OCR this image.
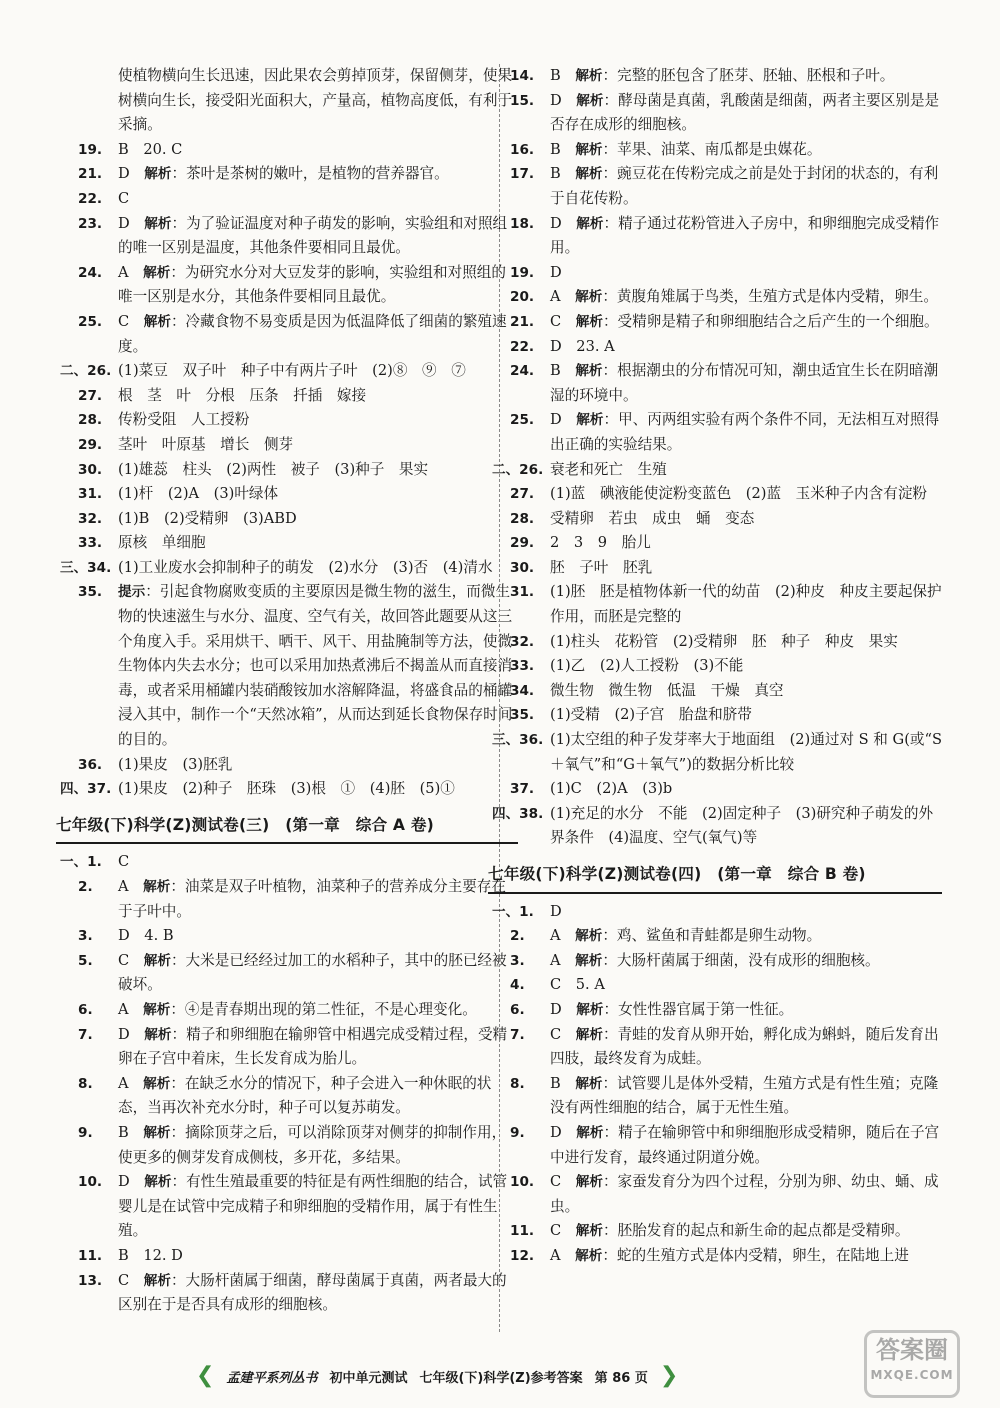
使植物横向生长迅速，因此果农会剪掉顶芽，保留侧芽，使果树横向生长，接受阳光面积大，产量高，植物高度低，有利于采摘。
19.	B　20. C
21.	D　解析：茶叶是茶树的嫩叶，是植物的营养器官。
22.	C
23.	D　解析：为了验证温度对种子萌发的影响，实验组和对照组的唯一区别是温度，其他条件要相同且最优。
24.	A　解析：为研究水分对大豆发芽的影响，实验组和对照组的唯一区别是水分，其他条件要相同且最优。
25.	C　解析：冷藏食物不易变质是因为低温降低了细菌的繁殖速度。
二、26. (1)菜豆　双子叶　种子中有两片子叶　(2)⑧　⑨　⑦
27.	根　茎　叶　分根　压条　扦插　嫁接
28.	传粉受阻　人工授粉
29.	茎叶　叶原基　增长　侧芽
30.	(1)雄蕊　柱头　(2)两性　被子　(3)种子　果实
31.	(1)杆　(2)A　(3)叶绿体
32.	(1)B　(2)受精卵　(3)ABD
33.	原核　单细胞
三、34. (1)工业废水会抑制种子的萌发　(2)水分　(3)否　(4)清水
35.	提示：引起食物腐败变质的主要原因是微生物的滋生，而微生物的快速滋生与水分、温度、空气有关，故回答此题要从这三个角度入手。采用烘干、晒干、风干、用盐腌制等方法，使微生物体内失去水分；也可以采用加热煮沸后不揭盖从而直接消毒，或者采用桶罐内装硝酸铵加水溶解降温，将盛食品的桶罐浸入其中，制作一个“天然冰箱”，从而达到延长食物保存时间的目的。
36.	(1)果皮　(3)胚乳
四、37. (1)果皮　(2)种子　胚珠　(3)根　①　(4)胚　(5)①
七年级(下)科学(Z)测试卷(三)　(第一章　综合 A 卷)
一、1.	C
2.	A　解析：油菜是双子叶植物，油菜种子的营养成分主要存在于子叶中。
3.	D　4. B
5.	C　解析：大米是已经经过加工的水稻种子，其中的胚已经被破坏。
6.	A　解析：④是青春期出现的第二性征，不是心理变化。
7.	D　解析：精子和卵细胞在输卵管中相遇完成受精过程，受精卵在子宫中着床，生长发育成为胎儿。
8.	A　解析：在缺乏水分的情况下，种子会进入一种休眠的状态，当再次补充水分时，种子可以复苏萌发。
9.	B　解析：摘除顶芽之后，可以消除顶芽对侧芽的抑制作用，使更多的侧芽发育成侧枝，多开花，多结果。
10.	D　解析：有性生殖最重要的特征是有两性细胞的结合，试管婴儿是在试管中完成精子和卵细胞的受精作用，属于有性生殖。
11.	B　12. D
13.	C　解析：大肠杆菌属于细菌，酵母菌属于真菌，两者最大的区别在于是否具有成形的细胞核。
14.	B　解析：完整的胚包含了胚芽、胚轴、胚根和子叶。
15.	D　解析：酵母菌是真菌，乳酸菌是细菌，两者主要区别是是否存在成形的细胞核。
16.	B　解析：苹果、油菜、南瓜都是虫媒花。
17.	B　解析：豌豆花在传粉完成之前是处于封闭的状态的，有利于自花传粉。
18.	D　解析：精子通过花粉管进入子房中，和卵细胞完成受精作用。
19.	D
20.	A　解析：黄腹角雉属于鸟类，生殖方式是体内受精，卵生。
21.	C　解析：受精卵是精子和卵细胞结合之后产生的一个细胞。
22.	D　23. A
24.	B　解析：根据潮虫的分布情况可知，潮虫适宜生长在阴暗潮湿的环境中。
25.	D　解析：甲、丙两组实验有两个条件不同，无法相互对照得出正确的实验结果。
二、26. 衰老和死亡　生殖
27.	(1)蓝　碘液能使淀粉变蓝色　(2)蓝　玉米种子内含有淀粉
28.	受精卵　若虫　成虫　蛹　变态
29.	2　3　9　胎儿
30.	胚　子叶　胚乳
31.	(1)胚　胚是植物体新一代的幼苗　(2)种皮　种皮主要起保护作用，而胚是完整的
32.	(1)柱头　花粉管　(2)受精卵　胚　种子　种皮　果实
33.	(1)乙　(2)人工授粉　(3)不能
34.	微生物　微生物　低温　干燥　真空
35.	(1)受精　(2)子宫　胎盘和脐带
三、36. (1)太空组的种子发芽率大于地面组　(2)通过对 S 和 G(或“S＋氧气”和“G＋氧气”)的数据分析比较
37.	(1)C　(2)A　(3)b
四、38. (1)充足的水分　不能　(2)固定种子　(3)研究种子萌发的外界条件　(4)温度、空气(氧气)等
七年级(下)科学(Z)测试卷(四)　(第一章　综合 B 卷)
一、1.	D
2.	A　解析：鸡、鲨鱼和青蛙都是卵生动物。
3.	A　解析：大肠杆菌属于细菌，没有成形的细胞核。
4.	C　5. A
6.	D　解析：女性性器官属于第一性征。
7.	C　解析：青蛙的发育从卵开始，孵化成为蝌蚪，随后发育出四肢，最终发育为成蛙。
8.	B　解析：试管婴儿是体外受精，生殖方式是有性生殖；克隆没有两性细胞的结合，属于无性生殖。
9.	D　解析：精子在输卵管中和卵细胞形成受精卵，随后在子宫中进行发育，最终通过阴道分娩。
10.	C　解析：家蚕发育分为四个过程，分别为卵、幼虫、蛹、成虫。
11.	C　解析：胚胎发育的起点和新生命的起点都是受精卵。
12.	A　解析：蛇的生殖方式是体内受精，卵生，在陆地上进
❮ 孟建平系列丛书 初中单元测试 七年级(下)科学(Z)参考答案 第 86 页 ❯
答案圈
MXQE.COM
